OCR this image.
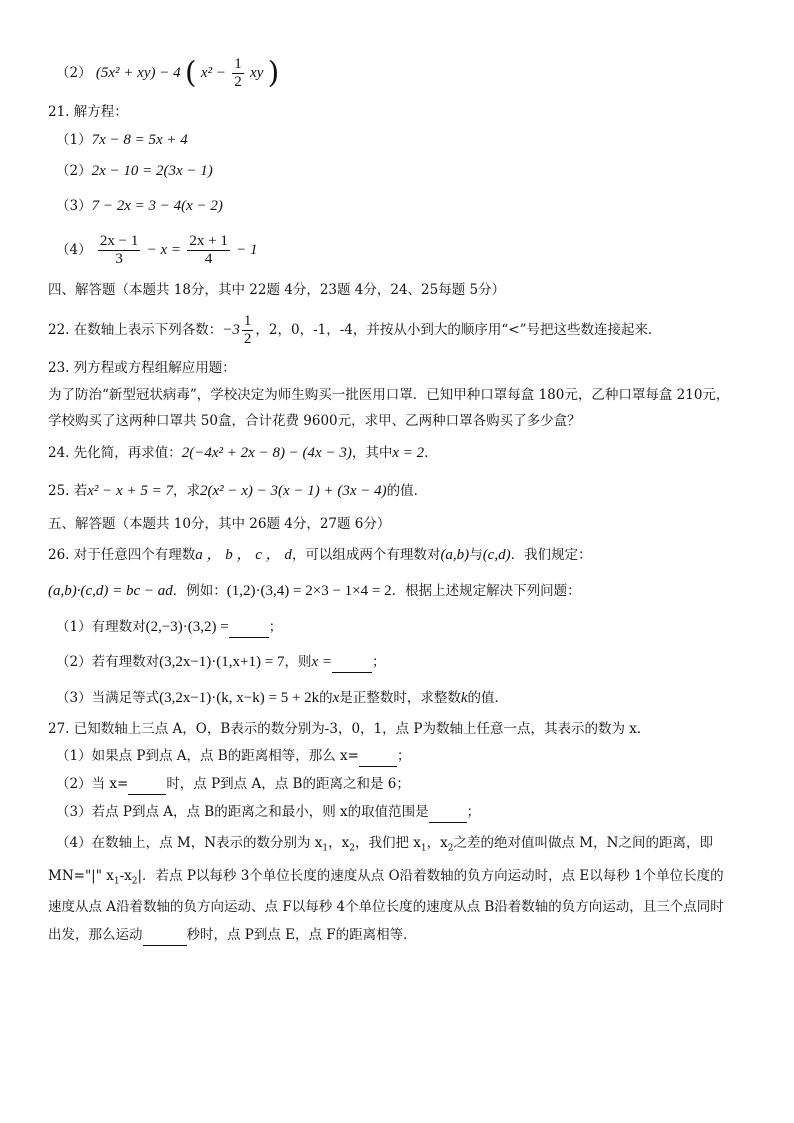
（2） (5x² + xy) − 4 ( $x^2 - \frac{1}{2}$ xy )
21. 解方程：
（1）7x − 8 = 5x + 4
（2）2x − 10 = 2(3x − 1)
（3）7 − 2x = 3 − 4(x − 2)
$(4) \frac{2x - 1}{3} - x = \frac{2x + 1}{4} - 1$
四、解答题（本题共 18分，其中 22题 4分，23题 4分，24、25每题 5分）
22. 在数轴上表示下列各数：$-3 \frac{1}{2}$ ，2，0，-1，-4，并按从小到大的顺序用“<”号把这些数连接起来．
23. 列方程或方程组解应用题：
为了防治“新型冠状病毒”，学校决定为师生购买一批医用口罩．已知甲种口罩每盒 180元，乙种口罩每盒 210元，
学校购买了这两种口罩共 50盒，合计花费 9600元，求甲、乙两种口罩各购买了多少盒？
24. 先化简，再求值：2(−4x² + 2x − 8) − (4x − 3)，其中x = 2．
25. 若x² − x + 5 = 7，求2(x² − x) − 3(x − 1) + (3x − 4)的值．
五、解答题（本题共 10分，其中 26题 4分，27题 6分）
26. 对于任意四个有理数a ， b ， c ， d，可以组成两个有理数对(a,b)与(c,d)．我们规定：
(a,b)·(c,d) = bc − ad．例如：(1,2)·(3,4) = 2×3 − 1×4 = 2．根据上述规定解决下列问题：
（1）有理数对(2,−3)·(3,2) =	；
（2）若有理数对(3,2x−1)·(1,x+1) = 7，则x =	；
（3）当满足等式(3,2x−1)·(k, x−k) = 5 + 2k的x是正整数时，求整数k的值．
27. 已知数轴上三点 A，O，B表示的数分别为-3，0，1，点 P为数轴上任意一点，其表示的数为 x．
（1）如果点 P到点 A，点 B的距离相等，那么 x=	；
（2）当 x=	时，点 P到点 A，点 B的距离之和是 6；
（3）若点 P到点 A，点 B的距离之和最小，则 x的取值范围是	；
（4）在数轴上，点 M，N表示的数分别为 $x_1$，$x_2$，我们把 $x_1$，$x_2$之差的绝对值叫做点 M，N之间的距离，即
MN="|" $x_1-x_2|$．若点 P以每秒 3个单位长度的速度从点 O沿着数轴的负方向运动时，点 E以每秒 1个单位长度的
速度从点 A沿着数轴的负方向运动、点 F以每秒 4个单位长度的速度从点 B沿着数轴的负方向运动，且三个点同时
出发，那么运动	秒时，点 P到点 E，点 F的距离相等．
